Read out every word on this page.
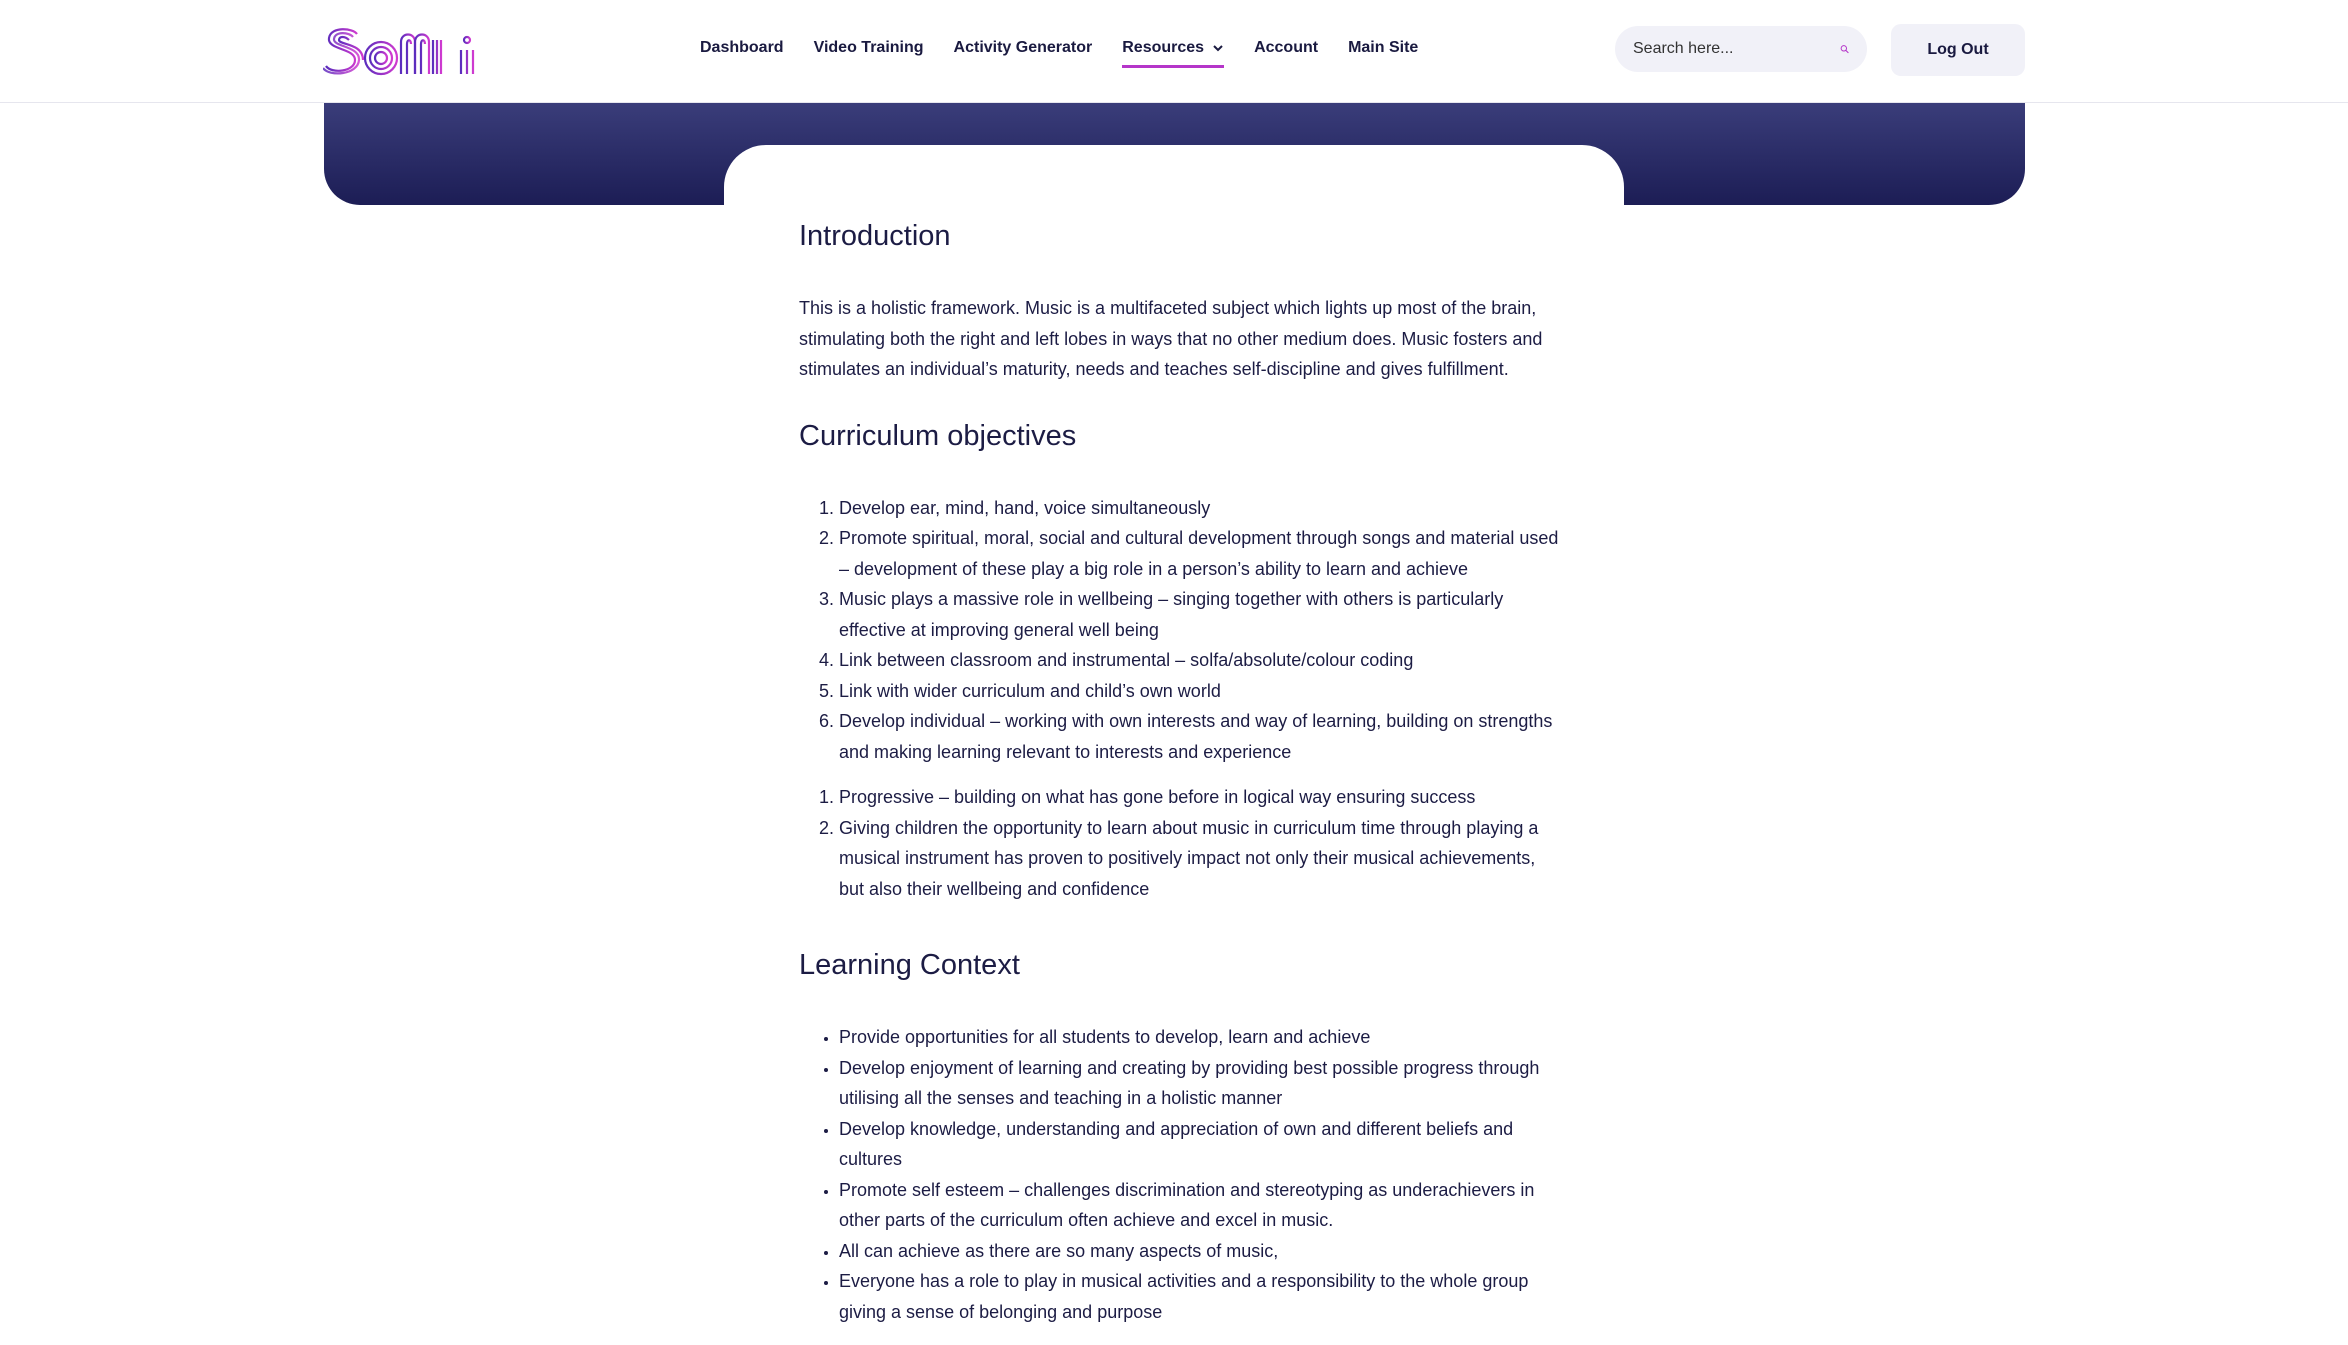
Dashboard Video Training Activity Generator Resources	Account Main Site
Search here...	Log Out
Introduction

This is a holistic framework. Music is a multifaceted subject which lights up most of the brain, stimulating both the right and left lobes in ways that no other medium does. Music fosters and stimulates an individual’s maturity, needs and teaches self-discipline and gives fulfillment.

Curriculum objectives
1. Develop ear, mind, hand, voice simultaneously
2. Promote spiritual, moral, social and cultural development through songs and material used – development of these play a big role in a person’s ability to learn and achieve
3. Music plays a massive role in wellbeing – singing together with others is particularly effective at improving general well being
4. Link between classroom and instrumental – solfa/absolute/colour coding
5. Link with wider curriculum and child’s own world
6. Develop individual – working with own interests and way of learning, building on strengths and making learning relevant to interests and experience
1. Progressive – building on what has gone before in logical way ensuring success
2. Giving children the opportunity to learn about music in curriculum time through playing a musical instrument has proven to positively impact not only their musical achievements, but also their wellbeing and confidence
Learning Context
• Provide opportunities for all students to develop, learn and achieve
• Develop enjoyment of learning and creating by providing best possible progress through utilising all the senses and teaching in a holistic manner
• Develop knowledge, understanding and appreciation of own and different beliefs and cultures
• Promote self esteem – challenges discrimination and stereotyping as underachievers in other parts of the curriculum often achieve and excel in music.
• All can achieve as there are so many aspects of music,
• Everyone has a role to play in musical activities and a responsibility to the whole group giving a sense of belonging and purpose
